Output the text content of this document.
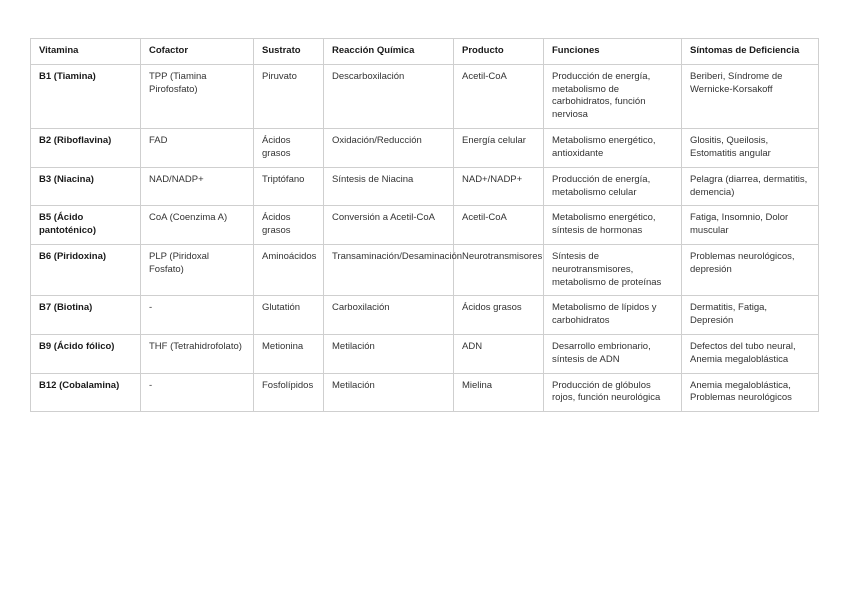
Vitamina	Cofactor	Sustrato	Reacción Química	Producto	Funciones	Síntomas de Deficiencia
B1 (Tiamina)	TPP (Tiamina Pirofosfato)	Piruvato	Descarboxilación	Acetil-CoA	Producción de energía, metabolismo de carbohidratos, función nerviosa	Beriberi, Síndrome de Wernicke-Korsakoff
B2 (Riboflavina)	FAD	Ácidos grasos	Oxidación/Reducción	Energía celular	Metabolismo energético, antioxidante	Glositis, Queilosis, Estomatitis angular
B3 (Niacina)	NAD/NADP+	Triptófano	Síntesis de Niacina	NAD+/NADP+	Producción de energía, metabolismo celular	Pelagra (diarrea, dermatitis, demencia)
B5 (Ácido pantoténico)	CoA (Coenzima A)	Ácidos grasos	Conversión a Acetil-CoA	Acetil-CoA	Metabolismo energético, síntesis de hormonas	Fatiga, Insomnio, Dolor muscular
B6 (Piridoxina)	PLP (Piridoxal Fosfato)	Aminoácidos	Transaminación/Desaminación	Neurotransmisores	Síntesis de neurotransmisores, metabolismo de proteínas	Problemas neurológicos, depresión
B7 (Biotina)	-	Glutatión	Carboxilación	Ácidos grasos	Metabolismo de lípidos y carbohidratos	Dermatitis, Fatiga, Depresión
B9 (Ácido fólico)	THF (Tetrahidrofolato)	Metionina	Metilación	ADN	Desarrollo embrionario, síntesis de ADN	Defectos del tubo neural, Anemia megaloblástica
B12 (Cobalamina)	-	Fosfolípidos	Metilación	Mielina	Producción de glóbulos rojos, función neurológica	Anemia megaloblástica, Problemas neurológicos
